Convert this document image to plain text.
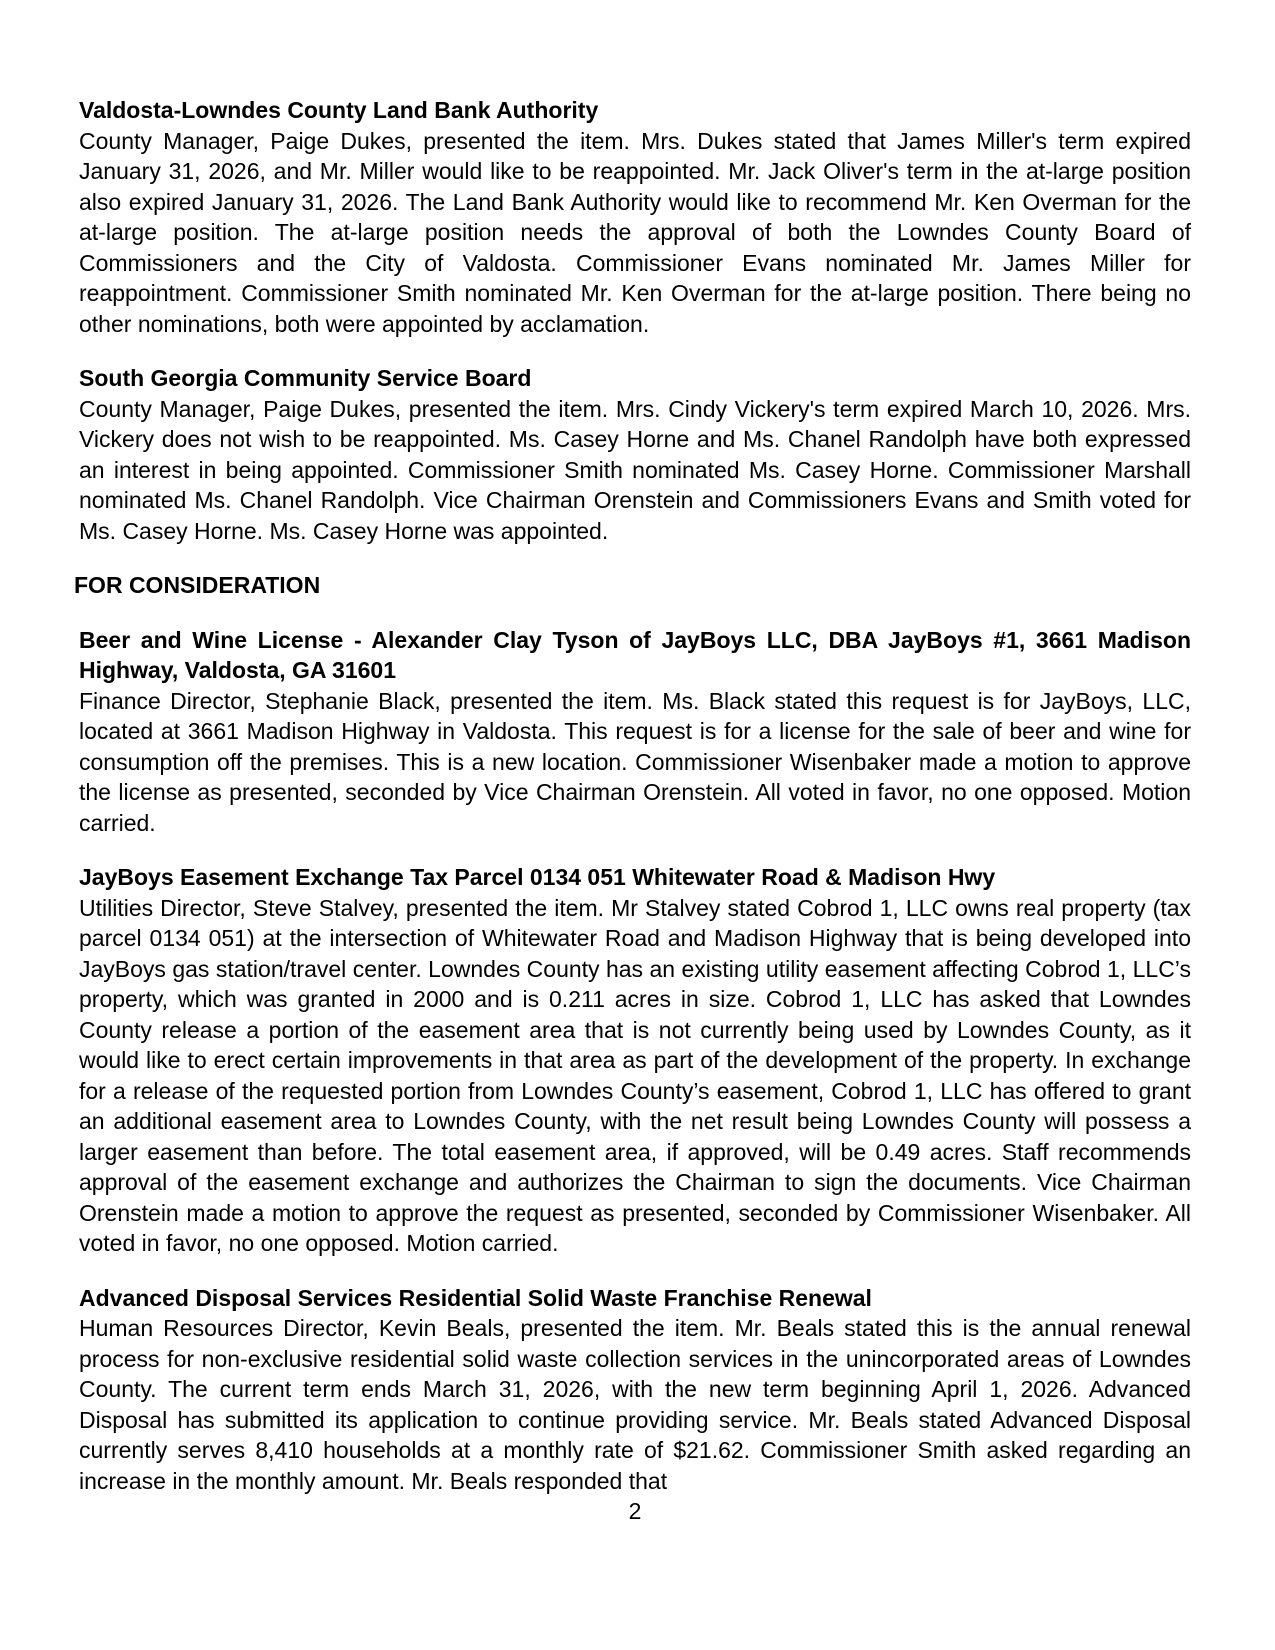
Valdosta-Lowndes County Land Bank Authority

County Manager, Paige Dukes, presented the item. Mrs. Dukes stated that James Miller's term expired January 31, 2026, and Mr. Miller would like to be reappointed. Mr. Jack Oliver's term in the at-large position also expired January 31, 2026. The Land Bank Authority would like to recommend Mr. Ken Overman for the at-large position. The at-large position needs the approval of both the Lowndes County Board of Commissioners and the City of Valdosta. Commissioner Evans nominated Mr. James Miller for reappointment. Commissioner Smith nominated Mr. Ken Overman for the at-large position. There being no other nominations, both were appointed by acclamation.

South Georgia Community Service Board

County Manager, Paige Dukes, presented the item. Mrs. Cindy Vickery's term expired March 10, 2026. Mrs. Vickery does not wish to be reappointed. Ms. Casey Horne and Ms. Chanel Randolph have both expressed an interest in being appointed. Commissioner Smith nominated Ms. Casey Horne. Commissioner Marshall nominated Ms. Chanel Randolph. Vice Chairman Orenstein and Commissioners Evans and Smith voted for Ms. Casey Horne. Ms. Casey Horne was appointed.

FOR CONSIDERATION
Beer and Wine License - Alexander Clay Tyson of JayBoys LLC, DBA JayBoys #1, 3661 Madison Highway, Valdosta, GA 31601

Finance Director, Stephanie Black, presented the item. Ms. Black stated this request is for JayBoys, LLC, located at 3661 Madison Highway in Valdosta. This request is for a license for the sale of beer and wine for consumption off the premises. This is a new location. Commissioner Wisenbaker made a motion to approve the license as presented, seconded by Vice Chairman Orenstein. All voted in favor, no one opposed. Motion carried.

JayBoys Easement Exchange Tax Parcel 0134 051 Whitewater Road & Madison Hwy

Utilities Director, Steve Stalvey, presented the item. Mr Stalvey stated Cobrod 1, LLC owns real property (tax parcel 0134 051) at the intersection of Whitewater Road and Madison Highway that is being developed into JayBoys gas station/travel center. Lowndes County has an existing utility easement affecting Cobrod 1, LLC’s property, which was granted in 2000 and is 0.211 acres in size. Cobrod 1, LLC has asked that Lowndes County release a portion of the easement area that is not currently being used by Lowndes County, as it would like to erect certain improvements in that area as part of the development of the property. In exchange for a release of the requested portion from Lowndes County’s easement, Cobrod 1, LLC has offered to grant an additional easement area to Lowndes County, with the net result being Lowndes County will possess a larger easement than before. The total easement area, if approved, will be 0.49 acres. Staff recommends approval of the easement exchange and authorizes the Chairman to sign the documents. Vice Chairman Orenstein made a motion to approve the request as presented, seconded by Commissioner Wisenbaker. All voted in favor, no one opposed. Motion carried.

Advanced Disposal Services Residential Solid Waste Franchise Renewal

Human Resources Director, Kevin Beals, presented the item. Mr. Beals stated this is the annual renewal process for non-exclusive residential solid waste collection services in the unincorporated areas of Lowndes County. The current term ends March 31, 2026, with the new term beginning April 1, 2026. Advanced Disposal has submitted its application to continue providing service. Mr. Beals stated Advanced Disposal currently serves 8,410 households at a monthly rate of $21.62. Commissioner Smith asked regarding an increase in the monthly amount. Mr. Beals responded that

2
